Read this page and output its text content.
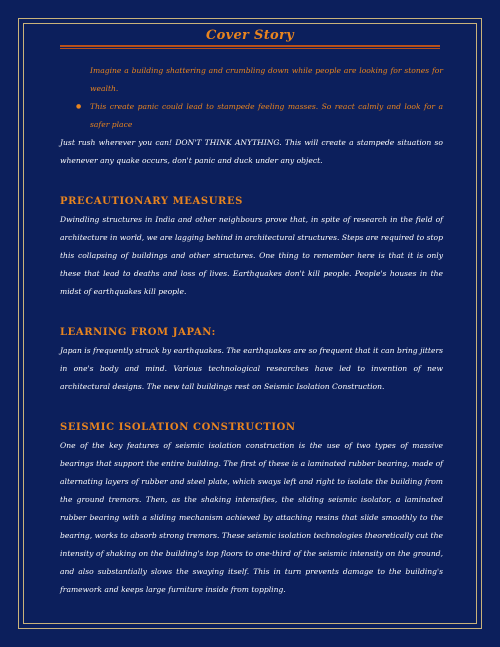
Cover Story
Imagine a building shattering and crumbling down while people are looking for stones for wealth.
● This create panic could lead to stampede feeling masses. So react calmly and look for a safer place

Just rush wherever you can! DON'T THINK ANYTHING. This will create a stampede situation so whenever any quake occurs, don't panic and duck under any object.

PRECAUTIONARY MEASURES

Dwindling structures in India and other neighbours prove that, in spite of research in the field of architecture in world, we are lagging behind in architectural structures. Steps are required to stop this collapsing of buildings and other structures. One thing to remember here is that it is only these that lead to deaths and loss of lives. Earthquakes don't kill people. People's houses in the midst of earthquakes kill people.

LEARNING FROM JAPAN:

Japan is frequently struck by earthquakes. The earthquakes are so frequent that it can bring jitters in one's body and mind. Various technological researches have led to invention of new architectural designs. The new tall buildings rest on Seismic Isolation Construction.

SEISMIC ISOLATION CONSTRUCTION

One of the key features of seismic isolation construction is the use of two types of massive bearings that support the entire building. The first of these is a laminated rubber bearing, made of alternating layers of rubber and steel plate, which sways left and right to isolate the building from the ground tremors. Then, as the shaking intensifies, the sliding seismic isolator, a laminated rubber bearing with a sliding mechanism achieved by attaching resins that slide smoothly to the bearing, works to absorb strong tremors. These seismic isolation technologies theoretically cut the intensity of shaking on the building's top floors to one-third of the seismic intensity on the ground, and also substantially slows the swaying itself. This in turn prevents damage to the building's framework and keeps large furniture inside from toppling.
